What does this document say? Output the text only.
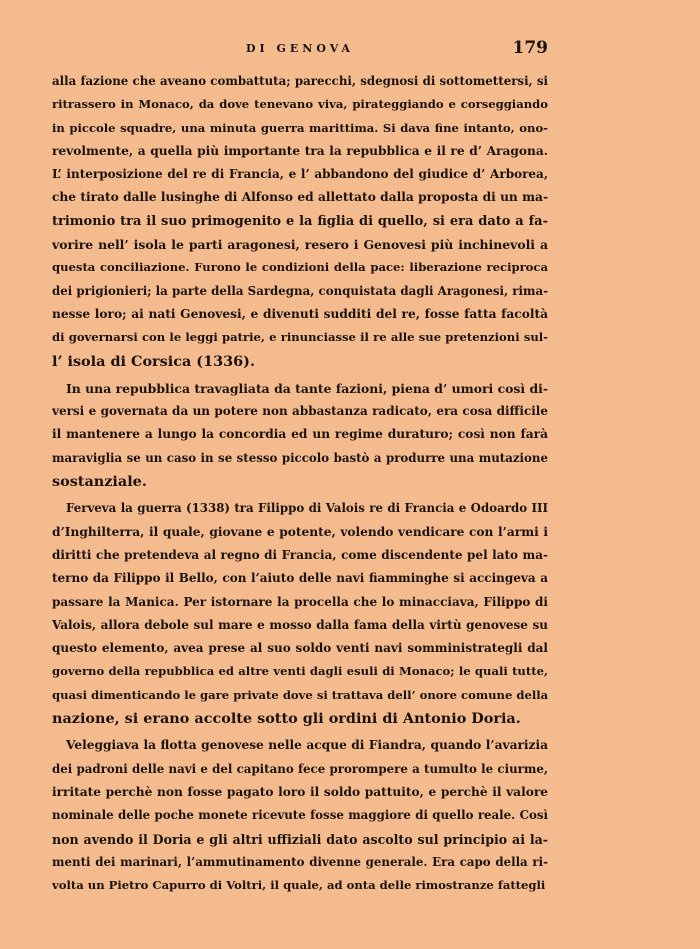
DI GENOVA	179
alla fazione che aveano combattuta; parecchi, sdegnosi di sottomettersi, si
ritrassero in Monaco, da dove tenevano viva, pirateggiando e corseggiando
in piccole squadre, una minuta guerra marittima. Si dava fine intanto, ono-
revolmente, a quella più importante tra la repubblica e il re d’ Aragona.
L’ interposizione del re di Francia, e l’ abbandono del giudice d’ Arborea,
che tirato dalle lusinghe di Alfonso ed allettato dalla proposta di un ma-
trimonio tra il suo primogenito e la figlia di quello, si era dato a fa-
vorire nell’ isola le parti aragonesi, resero i Genovesi più inchinevoli a
questa conciliazione. Furono le condizioni della pace: liberazione reciproca
dei prigionieri; la parte della Sardegna, conquistata dagli Aragonesi, rima-
nesse loro; ai nati Genovesi, e divenuti sudditi del re, fosse fatta facoltà
di governarsi con le leggi patrie, e rinunciasse il re alle sue pretenzioni sul-
l’ isola di Corsica (1336).
In una repubblica travagliata da tante fazioni, piena d’ umori così di-
versi e governata da un potere non abbastanza radicato, era cosa difficile
il mantenere a lungo la concordia ed un regime duraturo; così non farà
maraviglia se un caso in se stesso piccolo bastò a produrre una mutazione
sostanziale.
Ferveva la guerra (1338) tra Filippo di Valois re di Francia e Odoardo III
d’Inghilterra, il quale, giovane e potente, volendo vendicare con l’armi i
diritti che pretendeva al regno di Francia, come discendente pel lato ma-
terno da Filippo il Bello, con l’aiuto delle navi fiamminghe si accingeva a
passare la Manica. Per istornare la procella che lo minacciava, Filippo di
Valois, allora debole sul mare e mosso dalla fama della virtù genovese su
questo elemento, avea prese al suo soldo venti navi somministrategli dal
governo della repubblica ed altre venti dagli esuli di Monaco; le quali tutte,
quasi dimenticando le gare private dove si trattava dell’ onore comune della
nazione, si erano accolte sotto gli ordini di Antonio Doria.
Veleggiava la flotta genovese nelle acque di Fiandra, quando l’avarizia
dei padroni delle navi e del capitano fece prorompere a tumulto le ciurme,
irritate perchè non fosse pagato loro il soldo pattuito, e perchè il valore
nominale delle poche monete ricevute fosse maggiore di quello reale. Così
non avendo il Doria e gli altri uffiziali dato ascolto sul principio ai la-
menti dei marinari, l’ammutinamento divenne generale. Era capo della ri-
volta un Pietro Capurro di Voltri, il quale, ad onta delle rimostranze fattegli
